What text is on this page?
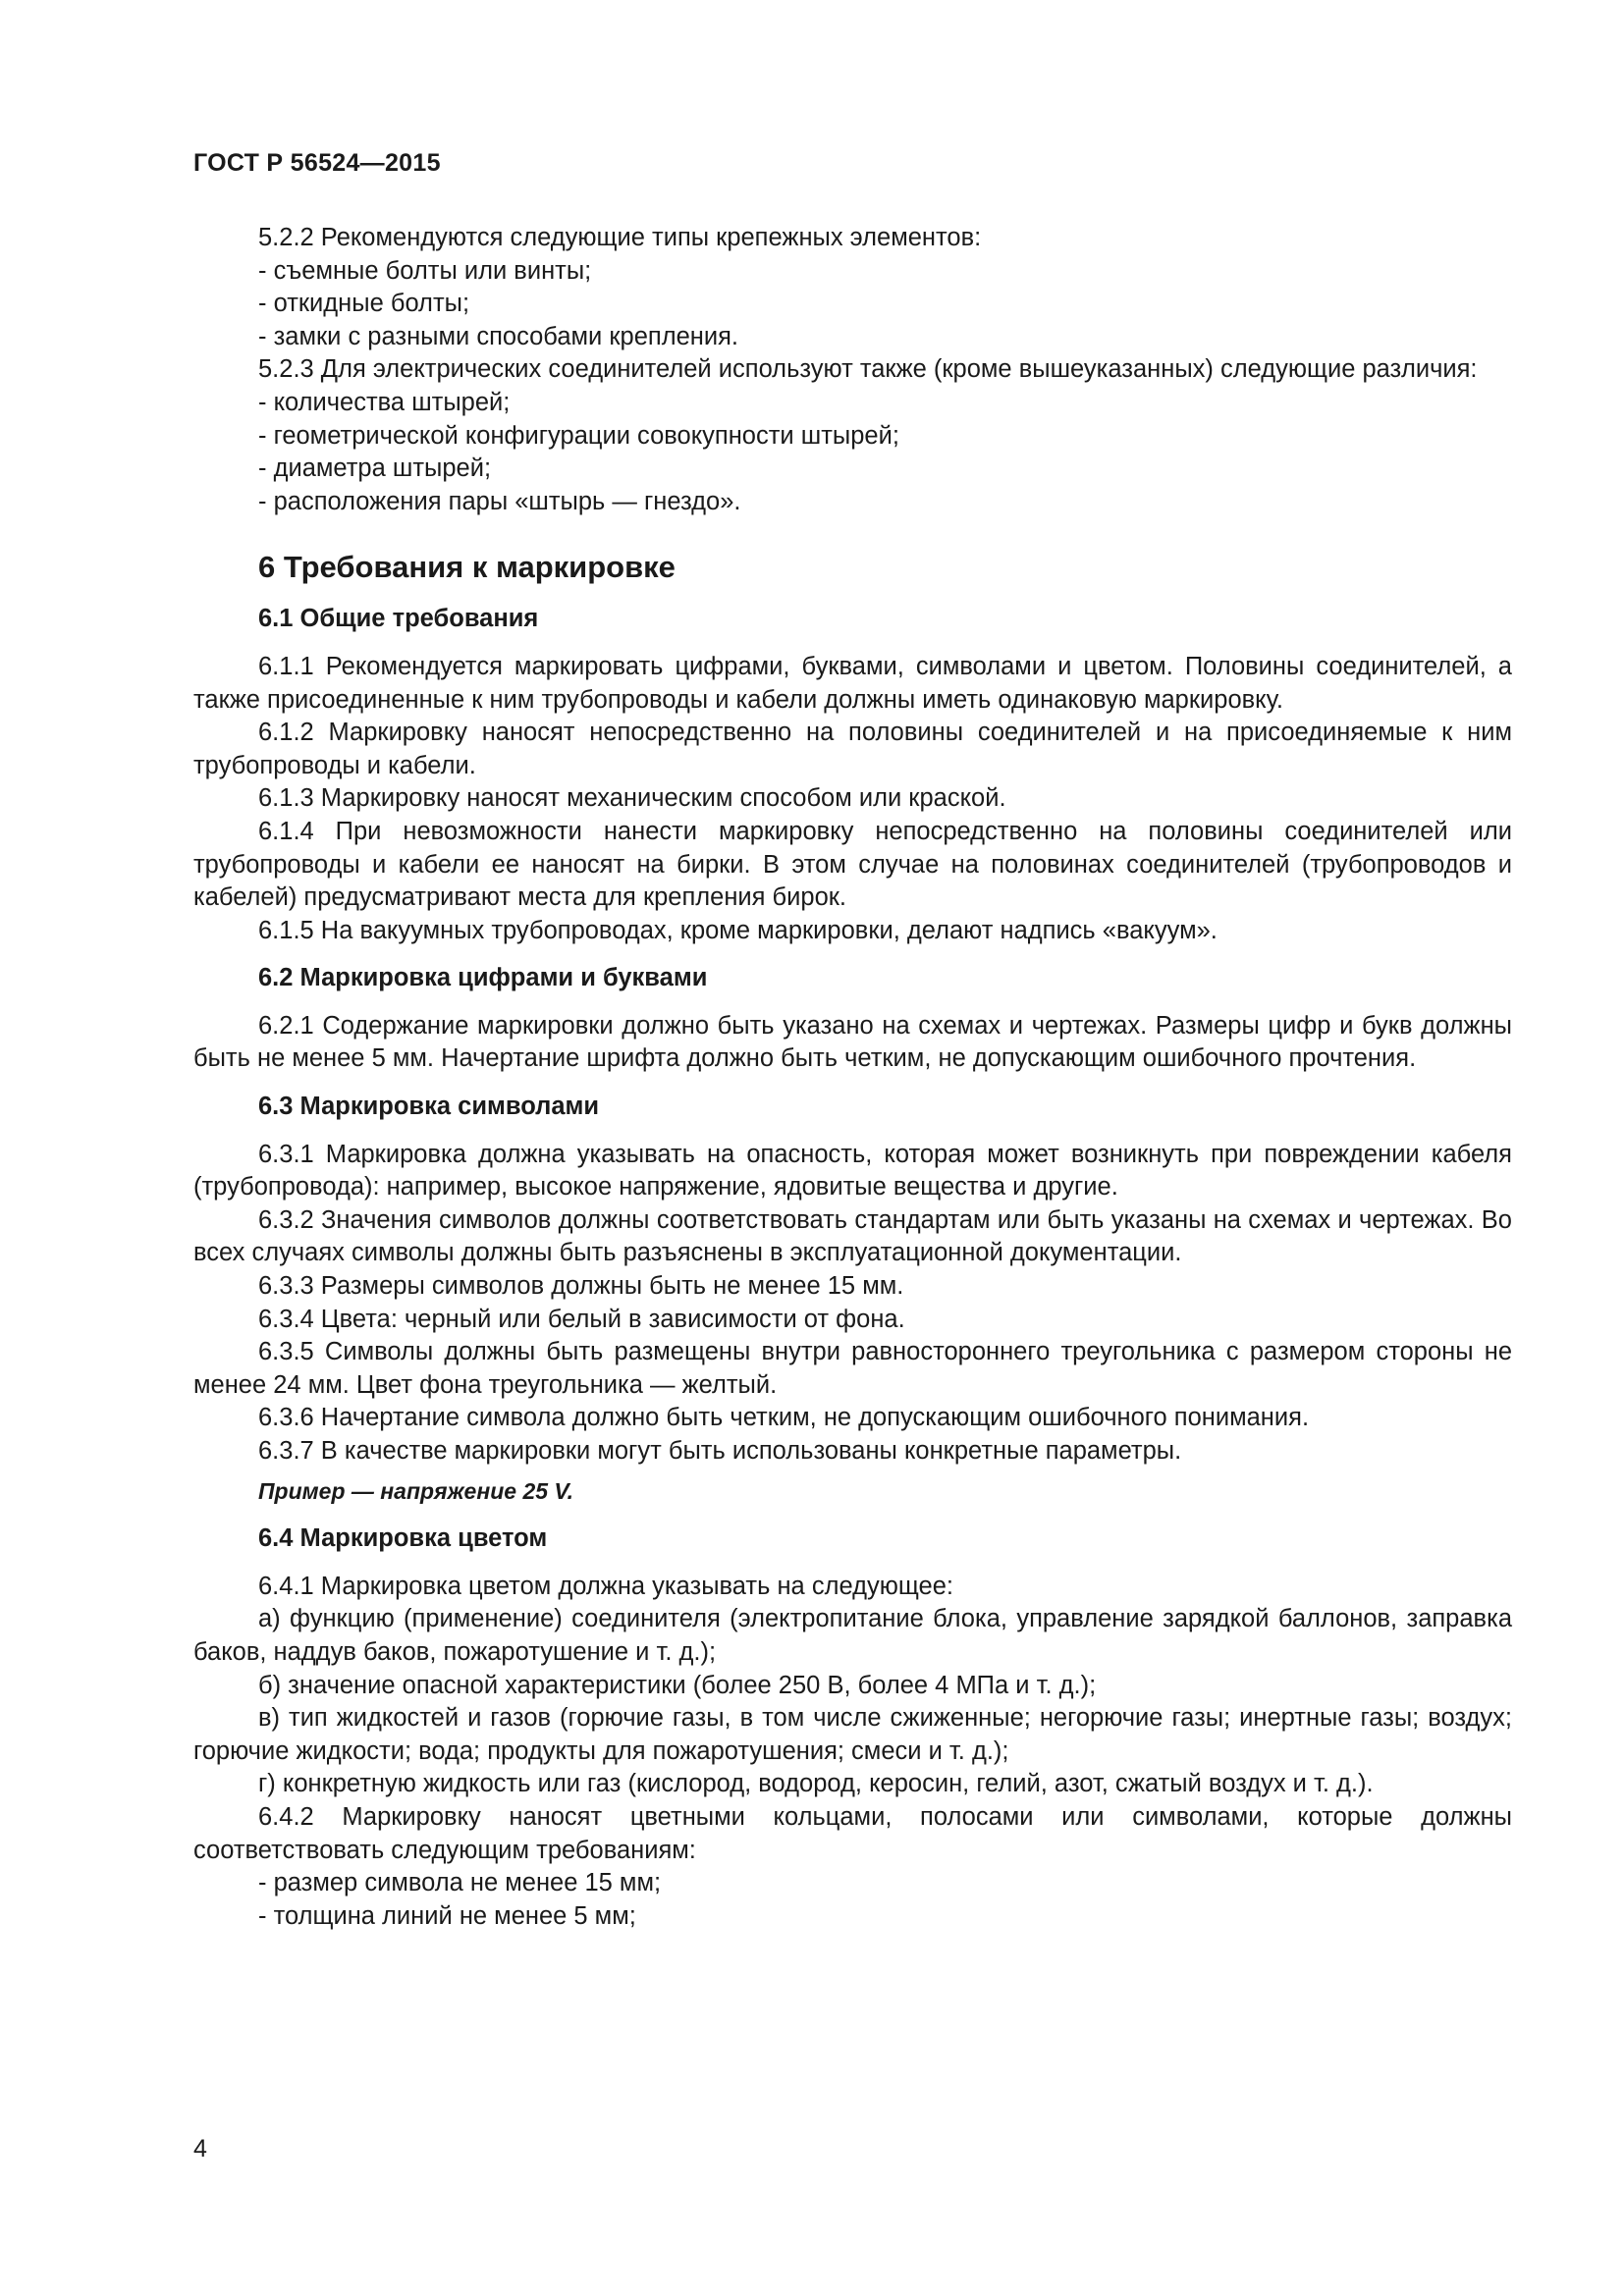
ГОСТ Р 56524—2015

5.2.2 Рекомендуются следующие типы крепежных элементов:

- съемные болты или винты;

- откидные болты;

- замки с разными способами крепления.

5.2.3 Для электрических соединителей используют также (кроме вышеуказанных) следующие различия:

- количества штырей;

- геометрической конфигурации совокупности штырей;

- диаметра штырей;

- расположения пары «штырь — гнездо».

6 Требования к маркировке
6.1 Общие требования

6.1.1 Рекомендуется маркировать цифрами, буквами, символами и цветом. Половины соединителей, а также присоединенные к ним трубопроводы и кабели должны иметь одинаковую маркировку.

6.1.2 Маркировку наносят непосредственно на половины соединителей и на присоединяемые к ним трубопроводы и кабели.

6.1.3 Маркировку наносят механическим способом или краской.

6.1.4 При невозможности нанести маркировку непосредственно на половины соединителей или трубопроводы и кабели ее наносят на бирки. В этом случае на половинах соединителей (трубопроводов и кабелей) предусматривают места для крепления бирок.

6.1.5 На вакуумных трубопроводах, кроме маркировки, делают надпись «вакуум».

6.2 Маркировка цифрами и буквами

6.2.1 Содержание маркировки должно быть указано на схемах и чертежах. Размеры цифр и букв должны быть не менее 5 мм. Начертание шрифта должно быть четким, не допускающим ошибочного прочтения.

6.3 Маркировка символами

6.3.1 Маркировка должна указывать на опасность, которая может возникнуть при повреждении кабеля (трубопровода): например, высокое напряжение, ядовитые вещества и другие.

6.3.2 Значения символов должны соответствовать стандартам или быть указаны на схемах и чертежах. Во всех случаях символы должны быть разъяснены в эксплуатационной документации.

6.3.3 Размеры символов должны быть не менее 15 мм.

6.3.4 Цвета: черный или белый в зависимости от фона.

6.3.5 Символы должны быть размещены внутри равностороннего треугольника с размером стороны не менее 24 мм. Цвет фона треугольника — желтый.

6.3.6 Начертание символа должно быть четким, не допускающим ошибочного понимания.

6.3.7 В качестве маркировки могут быть использованы конкретные параметры.

Пример — напряжение 25 V.
6.4 Маркировка цветом

6.4.1 Маркировка цветом должна указывать на следующее:

а) функцию (применение) соединителя (электропитание блока, управление зарядкой баллонов, заправка баков, наддув баков, пожаротушение и т. д.);

б) значение опасной характеристики (более 250 В, более 4 МПа и т. д.);

в) тип жидкостей и газов (горючие газы, в том числе сжиженные; негорючие газы; инертные газы; воздух; горючие жидкости; вода; продукты для пожаротушения; смеси и т. д.);

г) конкретную жидкость или газ (кислород, водород, керосин, гелий, азот, сжатый воздух и т. д.).

6.4.2 Маркировку наносят цветными кольцами, полосами или символами, которые должны соответствовать следующим требованиям:

- размер символа не менее 15 мм;

- толщина линий не менее 5 мм;

4
